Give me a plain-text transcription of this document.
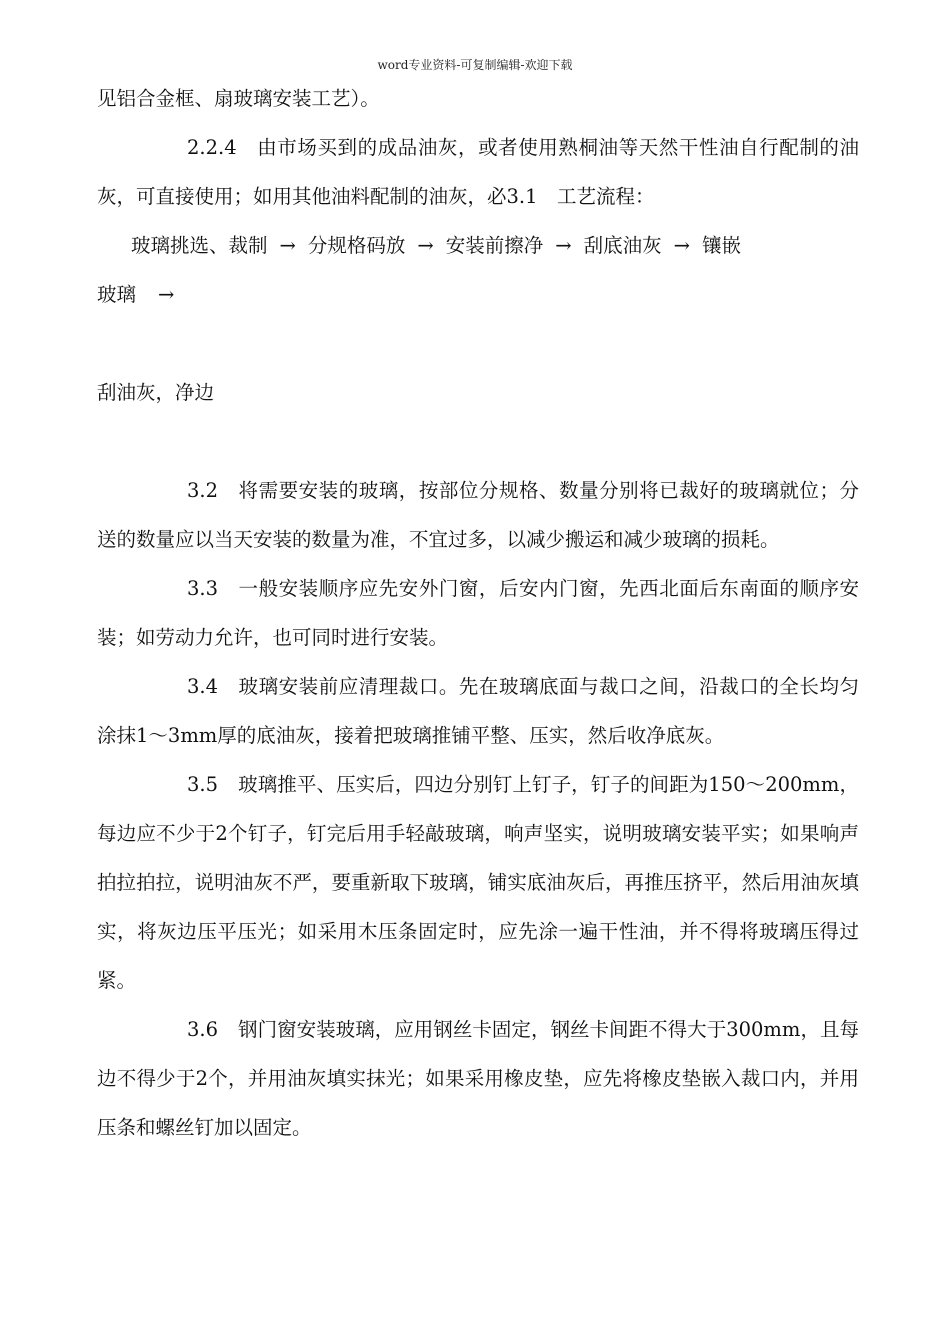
word专业资料-可复制编辑-欢迎下载

见铝合金框、扇玻璃安装工艺）。

2.2.4 由市场买到的成品油灰，或者使用熟桐油等天然干性油自行配制的油灰，可直接使用；如用其他油料配制的油灰，必3.1　工艺流程：

玻璃挑选、裁制 → 分规格码放 → 安装前擦净 → 刮底油灰 → 镶嵌

玻璃 →

刮油灰，净边

3.2 将需要安装的玻璃，按部位分规格、数量分别将已裁好的玻璃就位；分送的数量应以当天安装的数量为准，不宜过多，以减少搬运和减少玻璃的损耗。

3.3 一般安装顺序应先安外门窗，后安内门窗，先西北面后东南面的顺序安装；如劳动力允许，也可同时进行安装。

3.4 玻璃安装前应清理裁口。先在玻璃底面与裁口之间，沿裁口的全长均匀涂抹1～3mm厚的底油灰，接着把玻璃推铺平整、压实，然后收净底灰。

3.5 玻璃推平、压实后，四边分别钉上钉子，钉子的间距为150～200mm，每边应不少于2个钉子，钉完后用手轻敲玻璃，响声坚实，说明玻璃安装平实；如果响声拍拉拍拉，说明油灰不严，要重新取下玻璃，铺实底油灰后，再推压挤平，然后用油灰填实，将灰边压平压光；如采用木压条固定时，应先涂一遍干性油，并不得将玻璃压得过紧。

3.6 钢门窗安装玻璃，应用钢丝卡固定，钢丝卡间距不得大于300mm，且每边不得少于2个，并用油灰填实抹光；如果采用橡皮垫，应先将橡皮垫嵌入裁口内，并用压条和螺丝钉加以固定。
